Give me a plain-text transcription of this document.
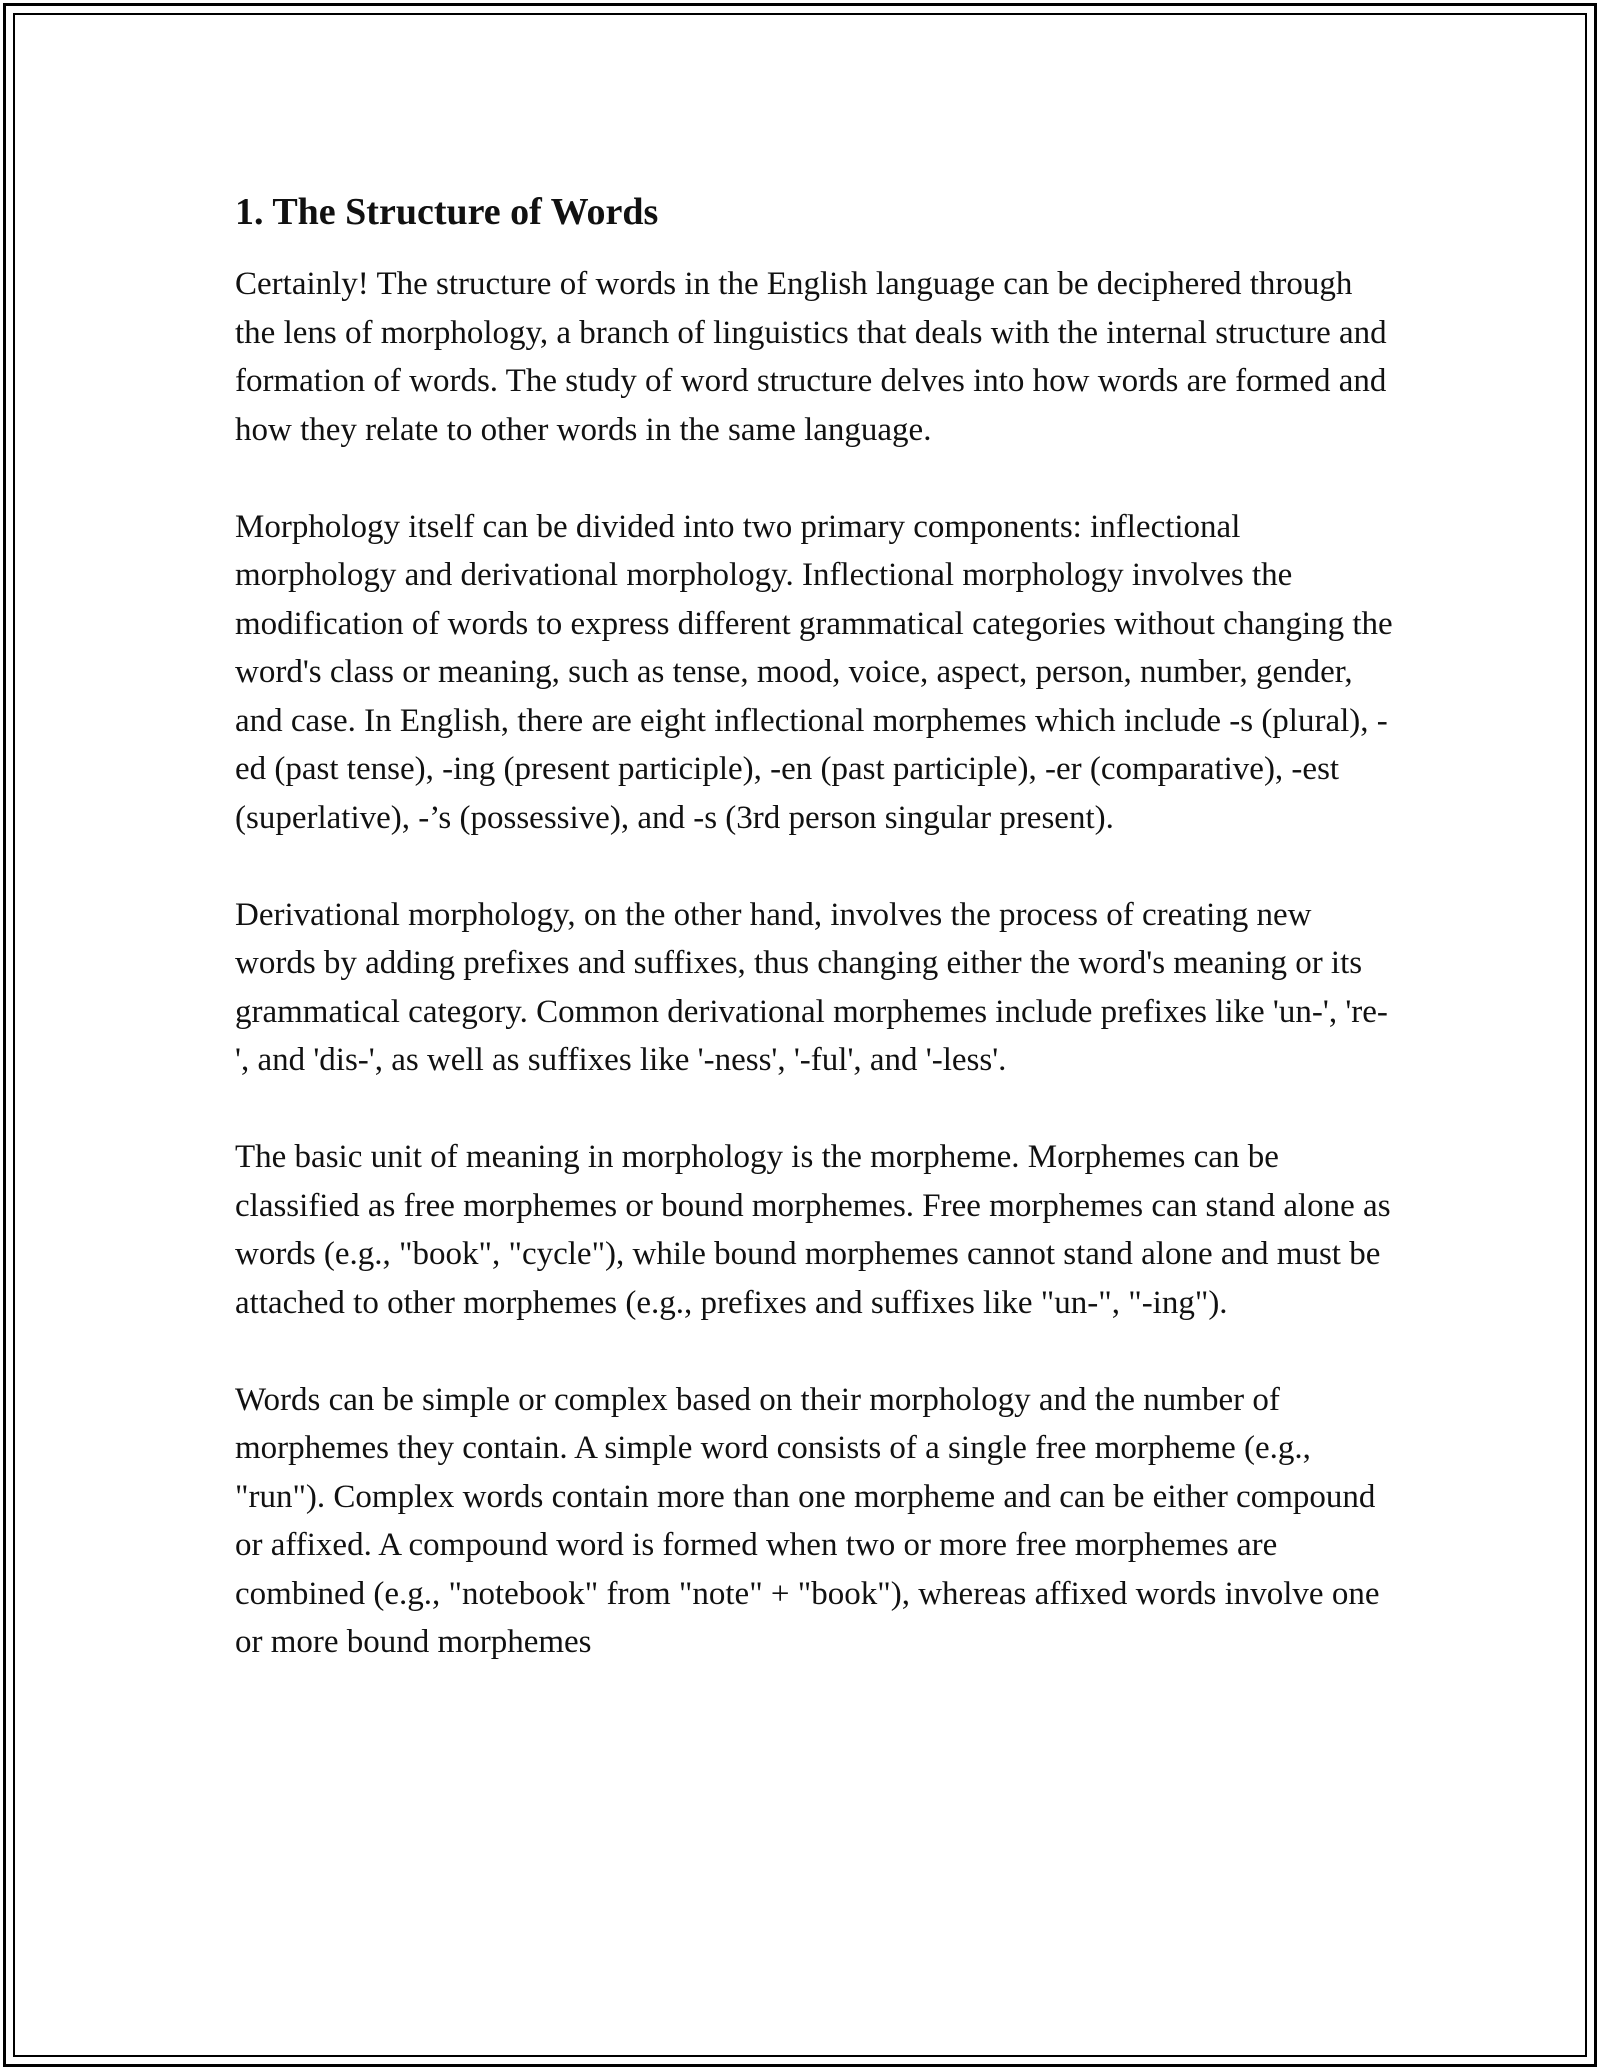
1. The Structure of Words

Certainly! The structure of words in the English language can be deciphered through the lens of morphology, a branch of linguistics that deals with the internal structure and formation of words. The study of word structure delves into how words are formed and how they relate to other words in the same language.

Morphology itself can be divided into two primary components: inflectional morphology and derivational morphology. Inflectional morphology involves the modification of words to express different grammatical categories without changing the word's class or meaning, such as tense, mood, voice, aspect, person, number, gender, and case. In English, there are eight inflectional morphemes which include -s (plural), -ed (past tense), -ing (present participle), -en (past participle), -er (comparative), -est (superlative), -’s (possessive), and -s (3rd person singular present).

Derivational morphology, on the other hand, involves the process of creating new words by adding prefixes and suffixes, thus changing either the word's meaning or its grammatical category. Common derivational morphemes include prefixes like 'un-', 're-', and 'dis-', as well as suffixes like '-ness', '-ful', and '-less'.

The basic unit of meaning in morphology is the morpheme. Morphemes can be classified as free morphemes or bound morphemes. Free morphemes can stand alone as words (e.g., "book", "cycle"), while bound morphemes cannot stand alone and must be attached to other morphemes (e.g., prefixes and suffixes like "un-", "-ing").

Words can be simple or complex based on their morphology and the number of morphemes they contain. A simple word consists of a single free morpheme (e.g., "run"). Complex words contain more than one morpheme and can be either compound or affixed. A compound word is formed when two or more free morphemes are combined (e.g., "notebook" from "note" + "book"), whereas affixed words involve one or more bound morphemes
